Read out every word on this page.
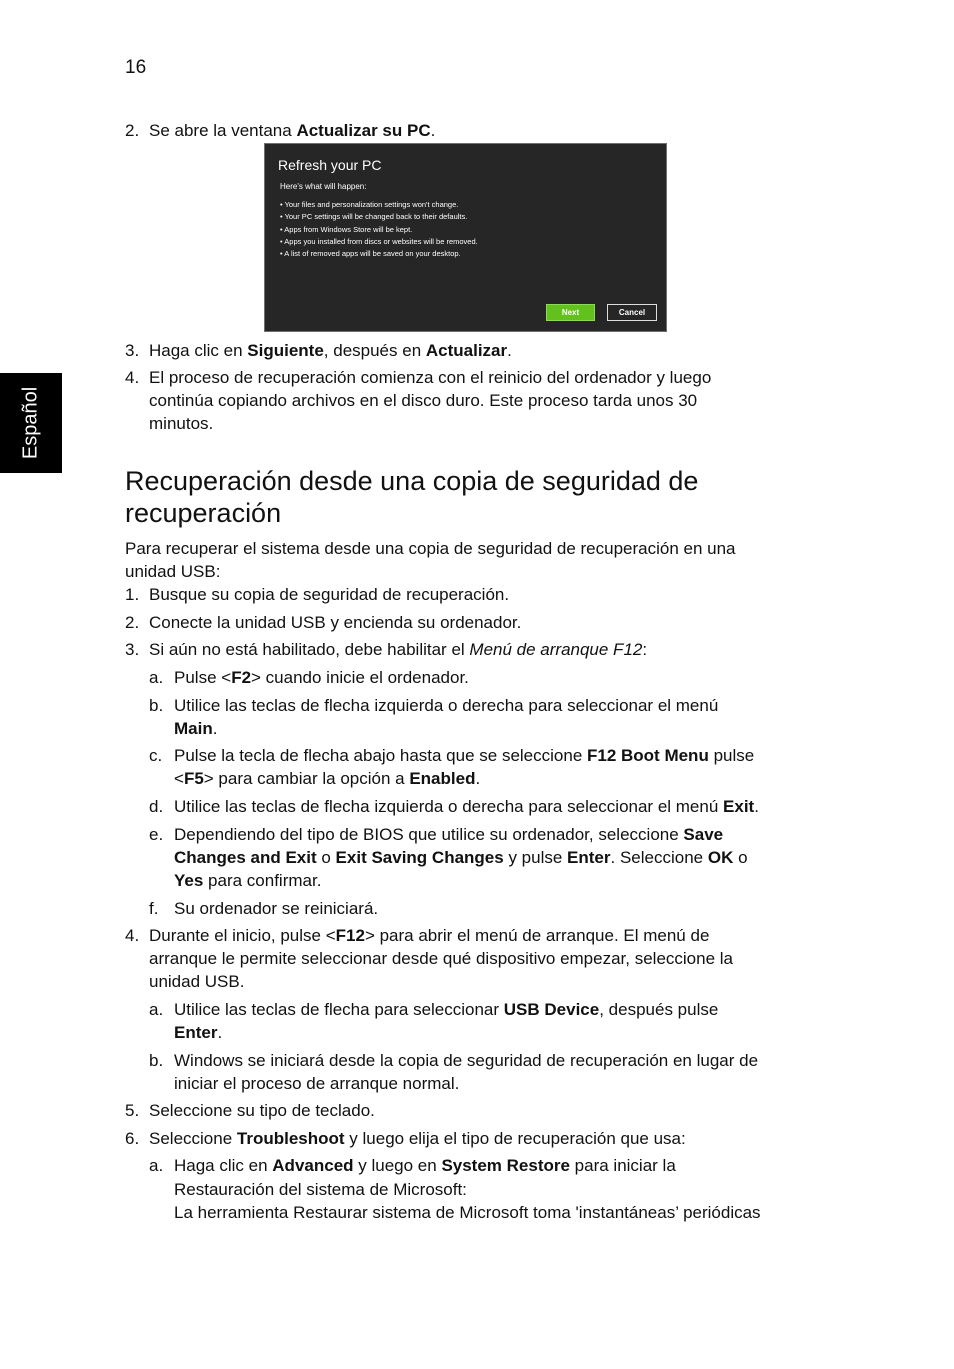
16
Español
2. Se abre la ventana Actualizar su PC.
Refresh your PC
Here's what will happen:
• Your files and personalization settings won't change.
• Your PC settings will be changed back to their defaults.
• Apps from Windows Store will be kept.
• Apps you installed from discs or websites will be removed.
• A list of removed apps will be saved on your desktop.
Next	Cancel
3. Haga clic en Siguiente, después en Actualizar.
4. El proceso de recuperación comienza con el reinicio del ordenador y luego
continúa copiando archivos en el disco duro. Este proceso tarda unos 30
minutos.
Recuperación desde una copia de seguridad de recuperación
Para recuperar el sistema desde una copia de seguridad de recuperación en una
unidad USB:
1. Busque su copia de seguridad de recuperación.
2. Conecte la unidad USB y encienda su ordenador.
3. Si aún no está habilitado, debe habilitar el Menú de arranque F12:
a. Pulse <F2> cuando inicie el ordenador.
b. Utilice las teclas de flecha izquierda o derecha para seleccionar el menú
Main.
c. Pulse la tecla de flecha abajo hasta que se seleccione F12 Boot Menu pulse
<F5> para cambiar la opción a Enabled.
d. Utilice las teclas de flecha izquierda o derecha para seleccionar el menú Exit.
e. Dependiendo del tipo de BIOS que utilice su ordenador, seleccione Save
Changes and Exit o Exit Saving Changes y pulse Enter. Seleccione OK o
Yes para confirmar.
f. Su ordenador se reiniciará.
4. Durante el inicio, pulse <F12> para abrir el menú de arranque. El menú de
arranque le permite seleccionar desde qué dispositivo empezar, seleccione la
unidad USB.
a. Utilice las teclas de flecha para seleccionar USB Device, después pulse
Enter.
b. Windows se iniciará desde la copia de seguridad de recuperación en lugar de
iniciar el proceso de arranque normal.
5. Seleccione su tipo de teclado.
6. Seleccione Troubleshoot y luego elija el tipo de recuperación que usa:
a. Haga clic en Advanced y luego en System Restore para iniciar la
Restauración del sistema de Microsoft:
La herramienta Restaurar sistema de Microsoft toma 'instantáneas’ periódicas
